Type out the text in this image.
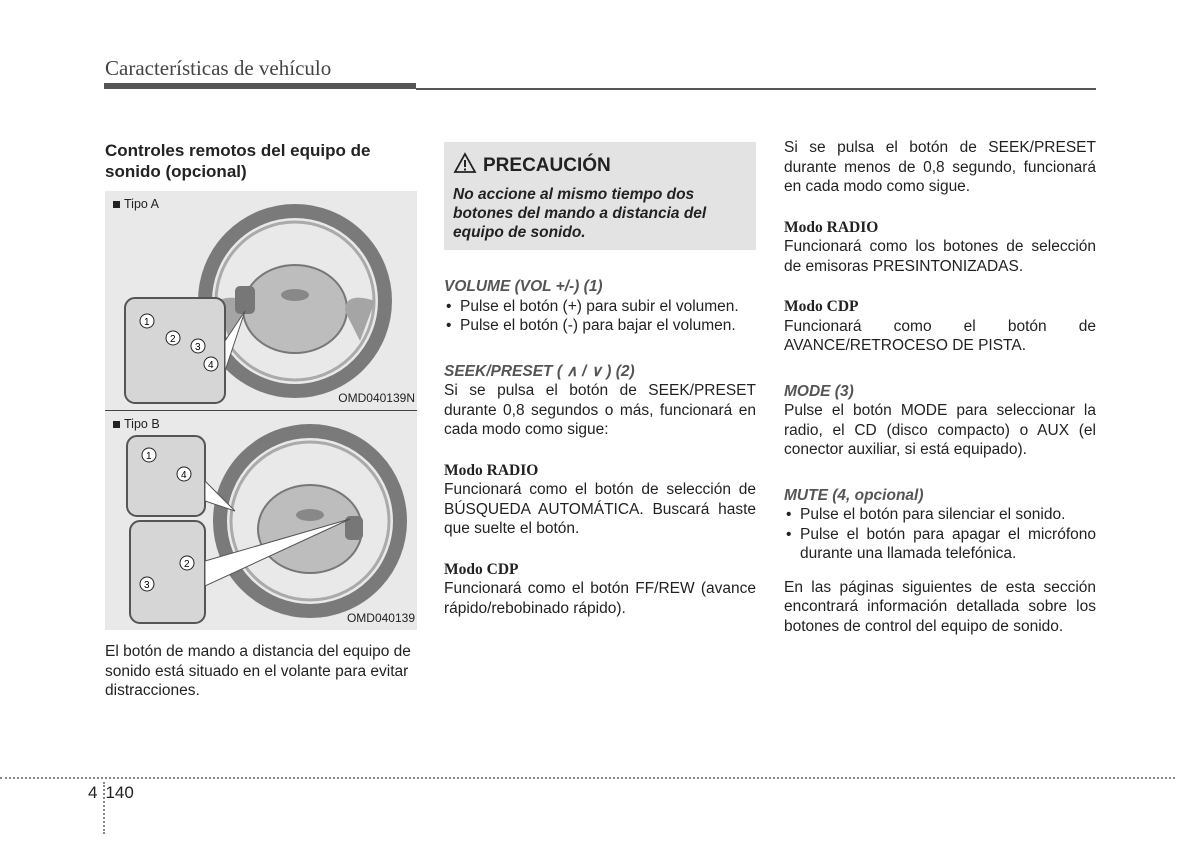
Características de vehículo
Controles remotos del equipo de sonido (opcional)
1
2
3
4
Tipo A
OMD040139N
1
4
2
3
Tipo B
OMD040139

El botón de mando a distancia del equipo de sonido está situado en el volante para evitar distracciones.

PRECAUCIÓN
No accione al mismo tiempo dos botones del mando a distancia del equipo de sonido.
VOLUME (VOL +/-) (1)
• Pulse el botón (+) para subir el volumen.
• Pulse el botón (-) para bajar el volumen.
SEEK/PRESET ( ∧ / ∨ ) (2)

Si se pulsa el botón de SEEK/PRESET durante 0,8 segundos o más, funcionará en cada modo como sigue:

Modo RADIO

Funcionará como el botón de selección de BÚSQUEDA AUTOMÁTICA. Buscará haste que suelte el botón.

Modo CDP

Funcionará como el botón FF/REW (avance rápido/rebobinado rápido).

Si se pulsa el botón de SEEK/PRESET durante menos de 0,8 segundo, funcionará en cada modo como sigue.

Modo RADIO

Funcionará como los botones de selección de emisoras PRESINTONIZADAS.

Modo CDP

Funcionará como el botón de AVANCE/RETROCESO DE PISTA.

MODE (3)

Pulse el botón MODE para seleccionar la radio, el CD (disco compacto) o AUX (el conector auxiliar, si está equipado).

MUTE (4, opcional)
• Pulse el botón para silenciar el sonido.
• Pulse el botón para apagar el micrófono durante una llamada telefónica.

En las páginas siguientes de esta sección encontrará información detallada sobre los botones de control del equipo de sonido.

4 140
